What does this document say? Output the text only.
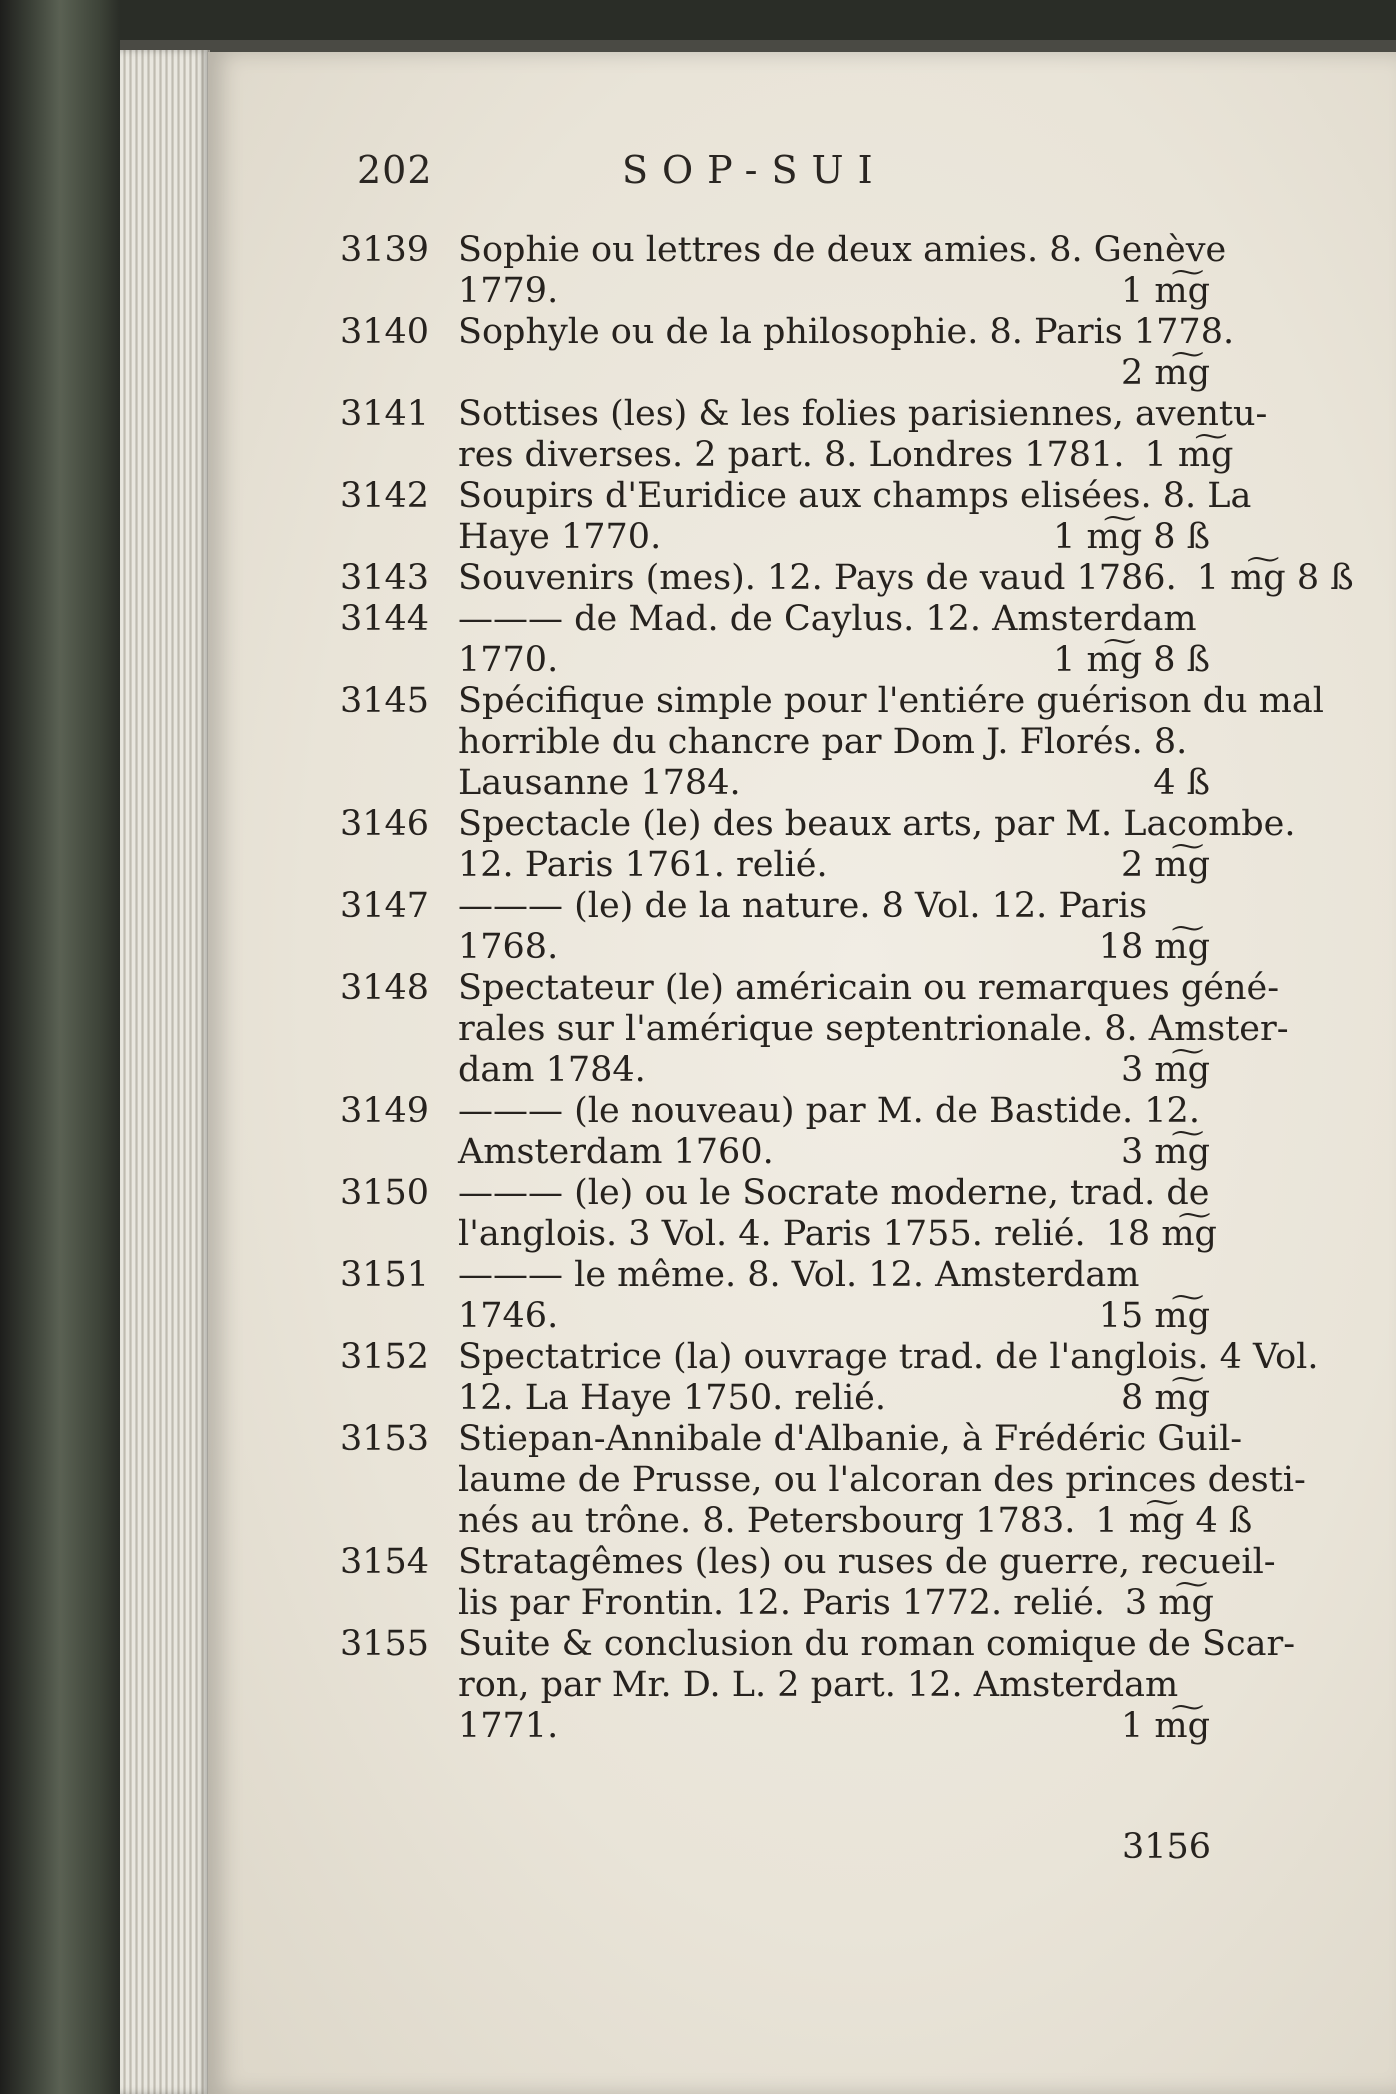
202	SOP-SUI
3139 Sophie ou lettres de deux amies. 8. Genève
1779.	1 m͠g
3140 Sophyle ou de la philosophie. 8. Paris 1778.
2 m͠g
3141 Sottises (les) & les folies parisiennes, aventu-
res diverses. 2 part. 8. Londres 1781. 1 m͠g
3142 Soupirs d'Euridice aux champs elisées. 8. La
Haye 1770.	1 m͠g 8 ß
3143 Souvenirs (mes). 12. Pays de vaud 1786. 1 m͠g 8 ß
3144 ——— de Mad. de Caylus. 12. Amsterdam
1770.	1 m͠g 8 ß
3145 Spécifique simple pour l'entiére guérison du mal
horrible du chancre par Dom J. Florés. 8.
Lausanne 1784.	4 ß
3146 Spectacle (le) des beaux arts, par M. Lacombe.
12. Paris 1761. relié.	2 m͠g
3147 ——— (le) de la nature. 8 Vol. 12. Paris
1768.	18 m͠g
3148 Spectateur (le) américain ou remarques géné-
rales sur l'amérique septentrionale. 8. Amster-
dam 1784.	3 m͠g
3149 ——— (le nouveau) par M. de Bastide. 12.
Amsterdam 1760.	3 m͠g
3150 ——— (le) ou le Socrate moderne, trad. de
l'anglois. 3 Vol. 4. Paris 1755. relié. 18 m͠g
3151 ——— le même. 8. Vol. 12. Amsterdam
1746.	15 m͠g
3152 Spectatrice (la) ouvrage trad. de l'anglois. 4 Vol.
12. La Haye 1750. relié.	8 m͠g
3153 Stiepan-Annibale d'Albanie, à Frédéric Guil-
laume de Prusse, ou l'alcoran des princes desti-
nés au trône. 8. Petersbourg 1783. 1 m͠g 4 ß
3154 Stratagêmes (les) ou ruses de guerre, recueil-
lis par Frontin. 12. Paris 1772. relié. 3 m͠g
3155 Suite & conclusion du roman comique de Scar-
ron, par Mr. D. L. 2 part. 12. Amsterdam
1771.	1 m͠g
3156
